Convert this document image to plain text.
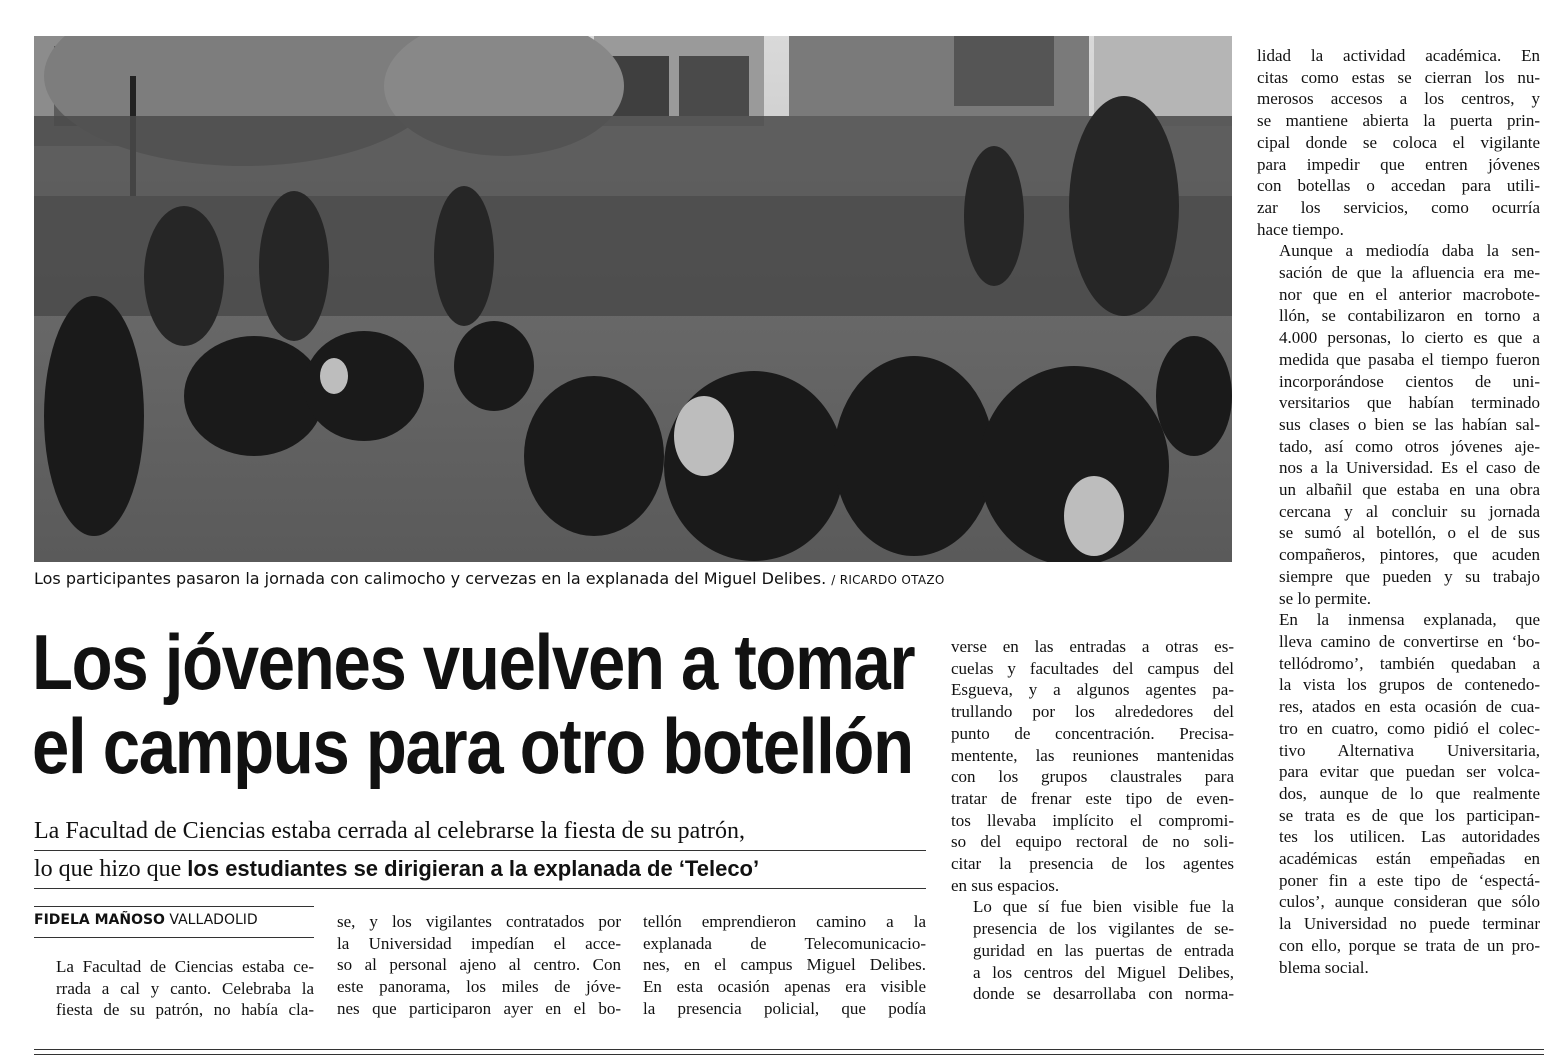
Los participantes pasaron la jornada con calimocho y cervezas en la explanada del Miguel Delibes. / RICARDO OTAZO
Los jóvenes vuelven a tomar
el campus para otro botellón
La Facultad de Ciencias estaba cerrada al celebrarse la fiesta de su patrón,
lo que hizo que los estudiantes se dirigieran a la explanada de ‘Teleco’
FIDELA MAÑOSO VALLADOLID

La Facultad de Ciencias estaba ce-
rrada a cal y canto. Celebraba la
fiesta de su patrón, no había cla-

se, y los vigilantes contratados por
la Universidad impedían el acce-
so al personal ajeno al centro. Con
este panorama, los miles de jóve-
nes que participaron ayer en el bo-

tellón emprendieron camino a la
explanada de Telecomunicacio-
nes, en el campus Miguel Delibes.
En esta ocasión apenas era visible
la presencia policial, que podía

verse en las entradas a otras es-
cuelas y facultades del campus del
Esgueva, y a algunos agentes pa-
trullando por los alrededores del
punto de concentración. Precisa-
mentente, las reuniones mantenidas
con los grupos claustrales para
tratar de frenar este tipo de even-
tos llevaba implícito el compromi-
so del equipo rectoral de no soli-
citar la presencia de los agentes
en sus espacios.

Lo que sí fue bien visible fue la
presencia de los vigilantes de se-
guridad en las puertas de entrada
a los centros del Miguel Delibes,
donde se desarrollaba con norma-

lidad la actividad académica. En
citas como estas se cierran los nu-
merosos accesos a los centros, y
se mantiene abierta la puerta prin-
cipal donde se coloca el vigilante
para impedir que entren jóvenes
con botellas o accedan para utili-
zar los servicios, como ocurría
hace tiempo.

Aunque a mediodía daba la sen-
sación de que la afluencia era me-
nor que en el anterior macrobote-
llón, se contabilizaron en torno a
4.000 personas, lo cierto es que a
medida que pasaba el tiempo fueron
incorporándose cientos de uni-
versitarios que habían terminado
sus clases o bien se las habían sal-
tado, así como otros jóvenes aje-
nos a la Universidad. Es el caso de
un albañil que estaba en una obra
cercana y al concluir su jornada
se sumó al botellón, o el de sus
compañeros, pintores, que acuden
siempre que pueden y su trabajo
se lo permite.

En la inmensa explanada, que
lleva camino de convertirse en ‘bo-
tellódromo’, también quedaban a
la vista los grupos de contenedo-
res, atados en esta ocasión de cua-
tro en cuatro, como pidió el colec-
tivo Alternativa Universitaria,
para evitar que puedan ser volca-
dos, aunque de lo que realmente
se trata es de que los participan-
tes los utilicen. Las autoridades
académicas están empeñadas en
poner fin a este tipo de ‘espectá-
culos’, aunque consideran que sólo
la Universidad no puede terminar
con ello, porque se trata de un pro-
blema social.
